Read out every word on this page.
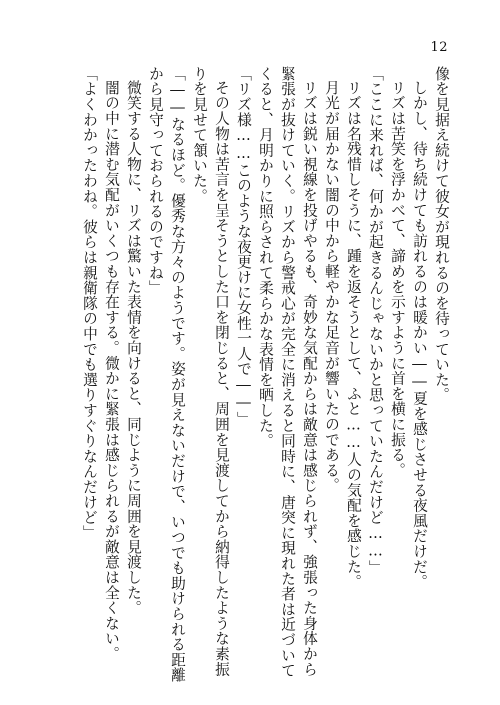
12
像を見据え続けて彼女が現れるのを待っていた。
しかし、待ち続けても訪れるのは暖かい――夏を感じさせる夜風だけだ。
リズは苦笑を浮かべて、諦めを示すように首を横に振る。
「ここに来れば、何かが起きるんじゃないかと思っていたんだけど……」
リズは名残惜しそうに、踵を返そうとして、ふと……人の気配を感じた。
月光が届かない闇の中から軽やかな足音が響いたのである。
リズは鋭い視線を投げやるも、奇妙な気配からは敵意は感じられず、強張った身体から
緊張が抜けていく。リズから警戒心が完全に消えると同時に、唐突に現れた者は近づいて
くると、月明かりに照らされて柔らかな表情を晒した。
「リズ様……このような夜更けに女性一人で――」
その人物は苦言を呈そうとした口を閉じると、周囲を見渡してから納得したような素振
りを見せて頷いた。
「――なるほど。優秀な方々のようです。姿が見えないだけで、いつでも助けられる距離
から見守っておられるのですね」
微笑する人物に、リズは驚いた表情を向けると、同じように周囲を見渡した。
闇の中に潜む気配がいくつも存在する。微かに緊張は感じられるが敵意は全くない。
「よくわかったわね。彼らは親衛隊の中でも選りすぐりなんだけど」
